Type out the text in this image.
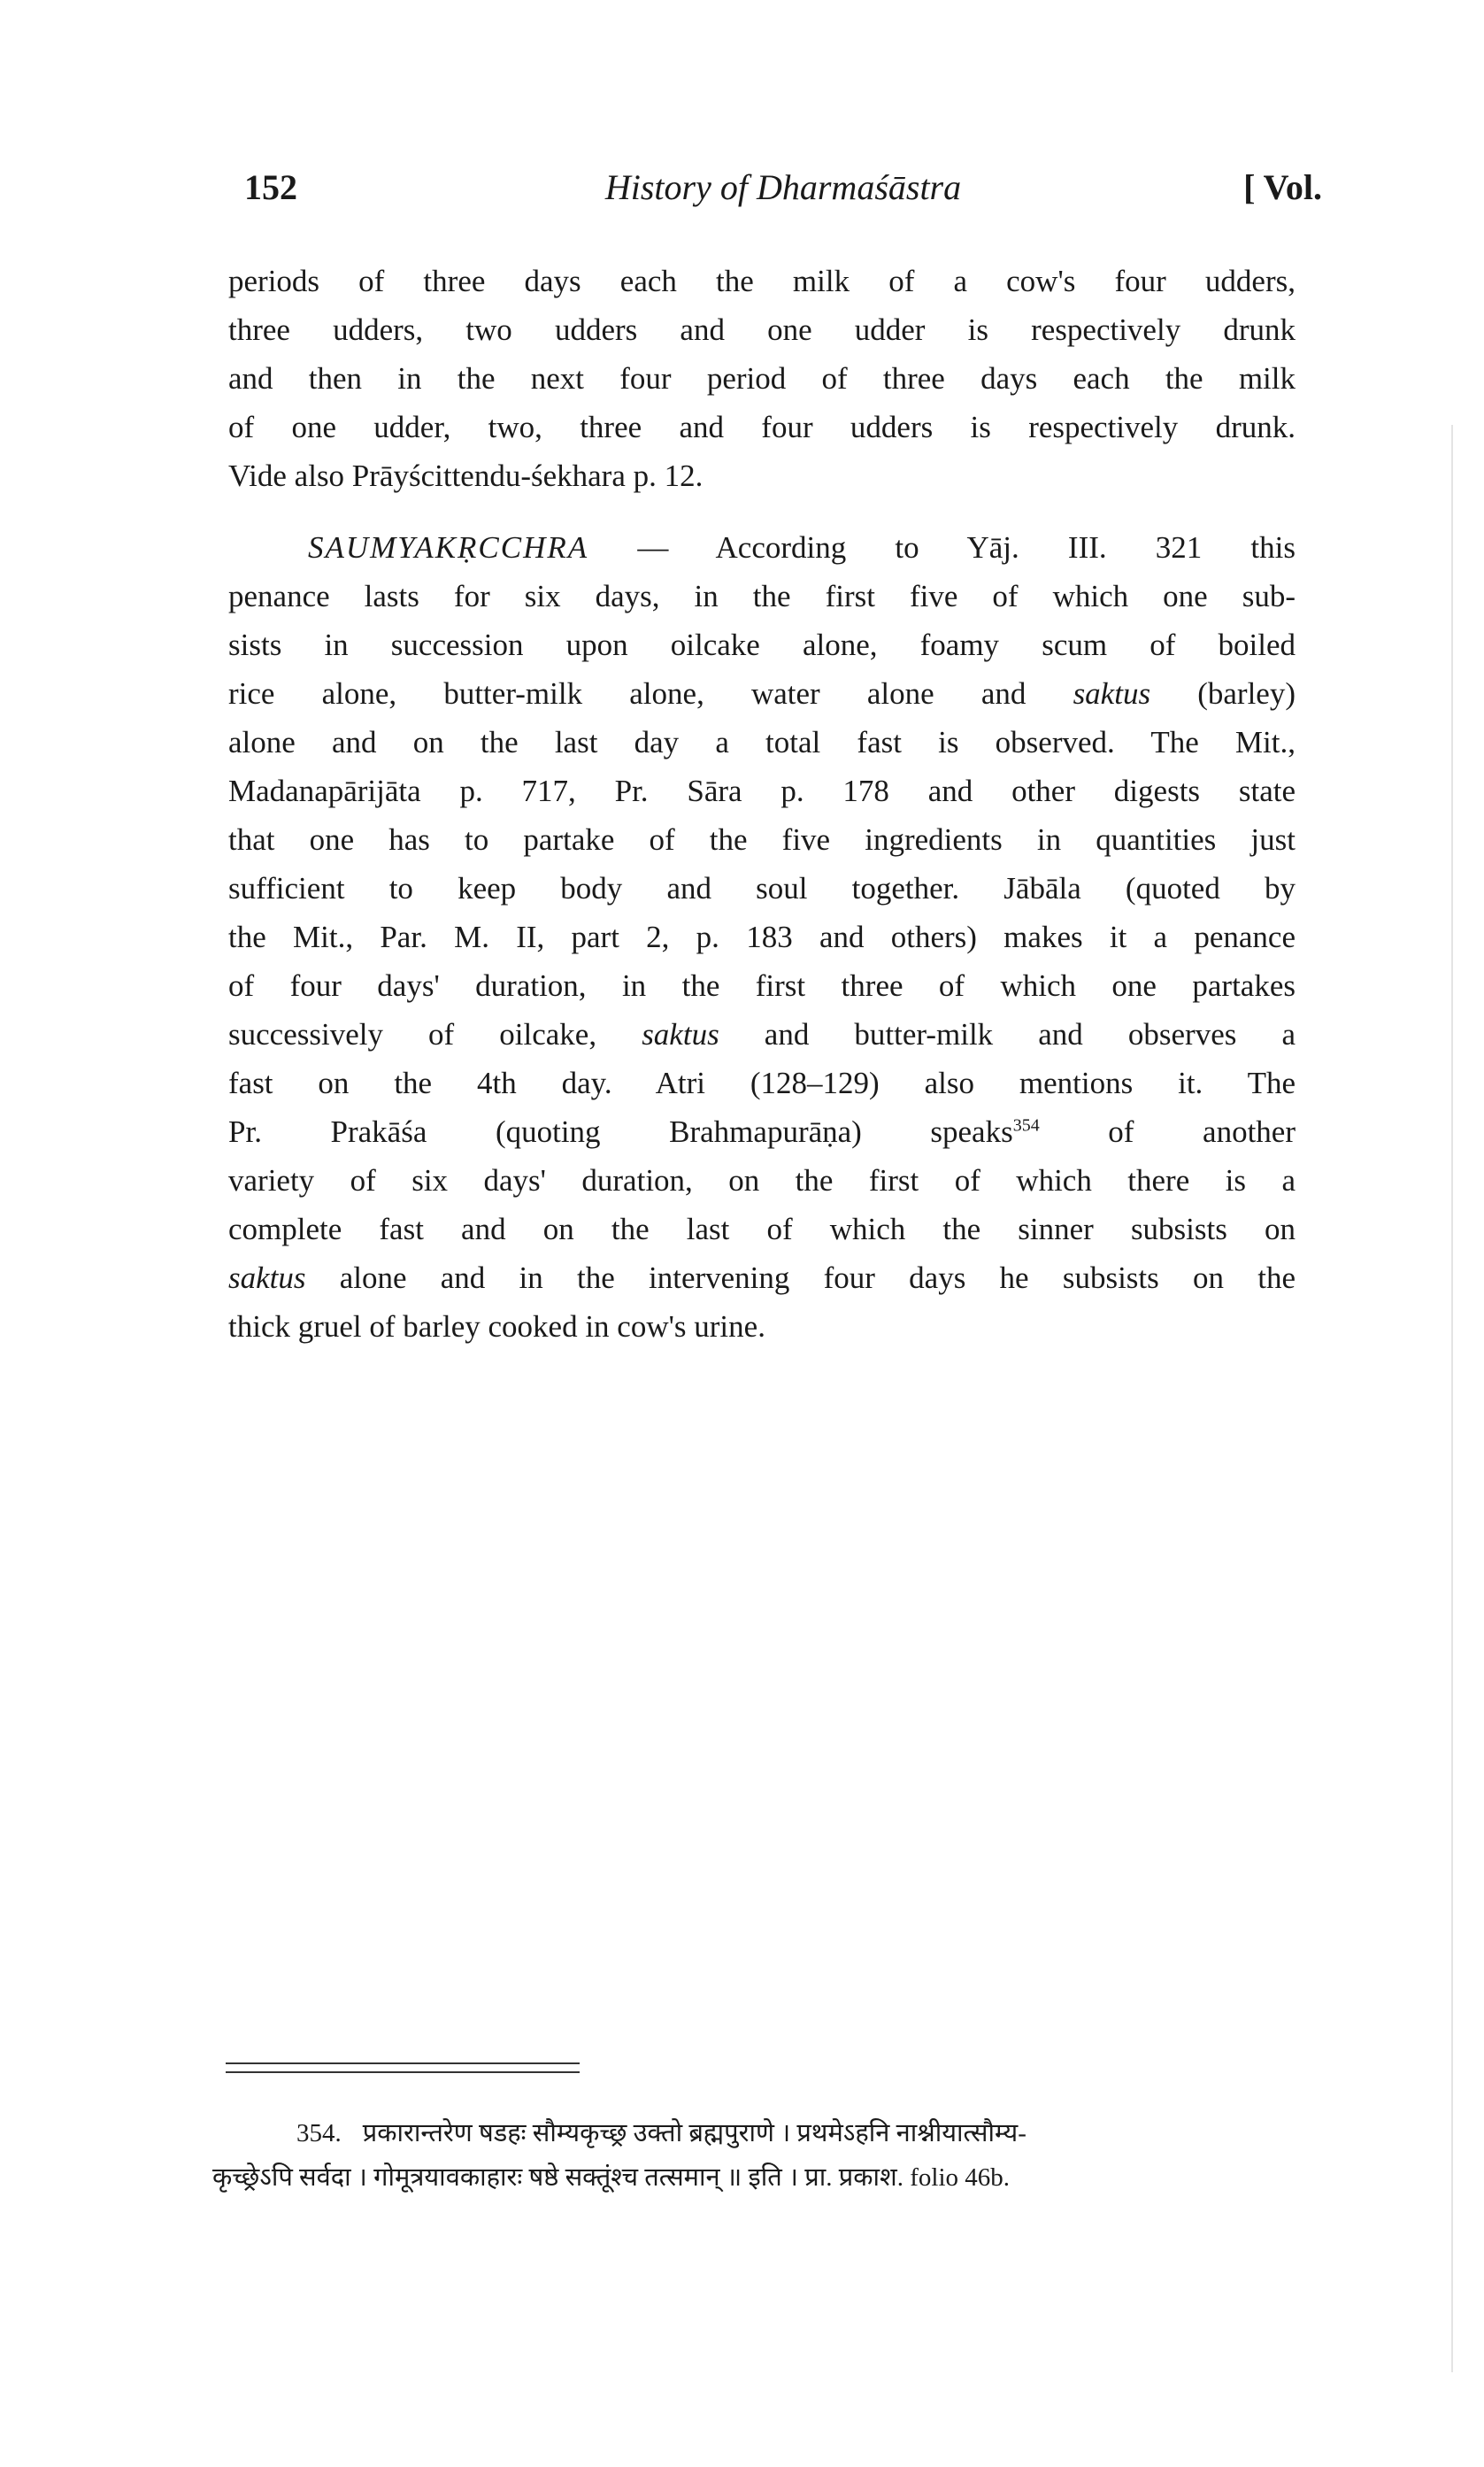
152	History of Dharmaśāstra	[ Vol.

periods of three days each the milk of a cow's four udders,
three udders, two udders and one udder is respectively drunk
and then in the next four period of three days each the milk
of one udder, two, three and four udders is respectively drunk.
Vide also Prāyścittendu-śekhara p. 12.

SAUMYAKṚCCHRA — According to Yāj. III. 321 this
penance lasts for six days, in the first five of which one sub-
sists in succession upon oilcake alone, foamy scum of boiled
rice alone, butter-milk alone, water alone and saktus (barley)
alone and on the last day a total fast is observed. The Mit.,
Madanapārijāta p. 717, Pr. Sāra p. 178 and other digests state
that one has to partake of the five ingredients in quantities just
sufficient to keep body and soul together. Jābāla (quoted by
the Mit., Par. M. II, part 2, p. 183 and others) makes it a penance
of four days' duration, in the first three of which one partakes
successively of oilcake, saktus and butter-milk and observes a
fast on the 4th day. Atri (128–129) also mentions it. The
Pr. Prakāśa (quoting Brahmapurāṇa) speaks$^{354}$ of another
variety of six days' duration, on the first of which there is a
complete fast and on the last of which the sinner subsists on
saktus alone and in the intervening four days he subsists on the
thick gruel of barley cooked in cow's urine.

354. प्रकारान्तरेण षडहः सौम्यकृच्छ्र उक्तो ब्रह्मपुराणे । प्रथमेऽहनि नाश्नीयात्सौम्य-
कृच्छ्रेऽपि सर्वदा । गोमूत्रयावकाहारः षष्ठे सक्तूंश्च तत्समान् ॥ इति । प्रा. प्रकाश. folio 46b.
